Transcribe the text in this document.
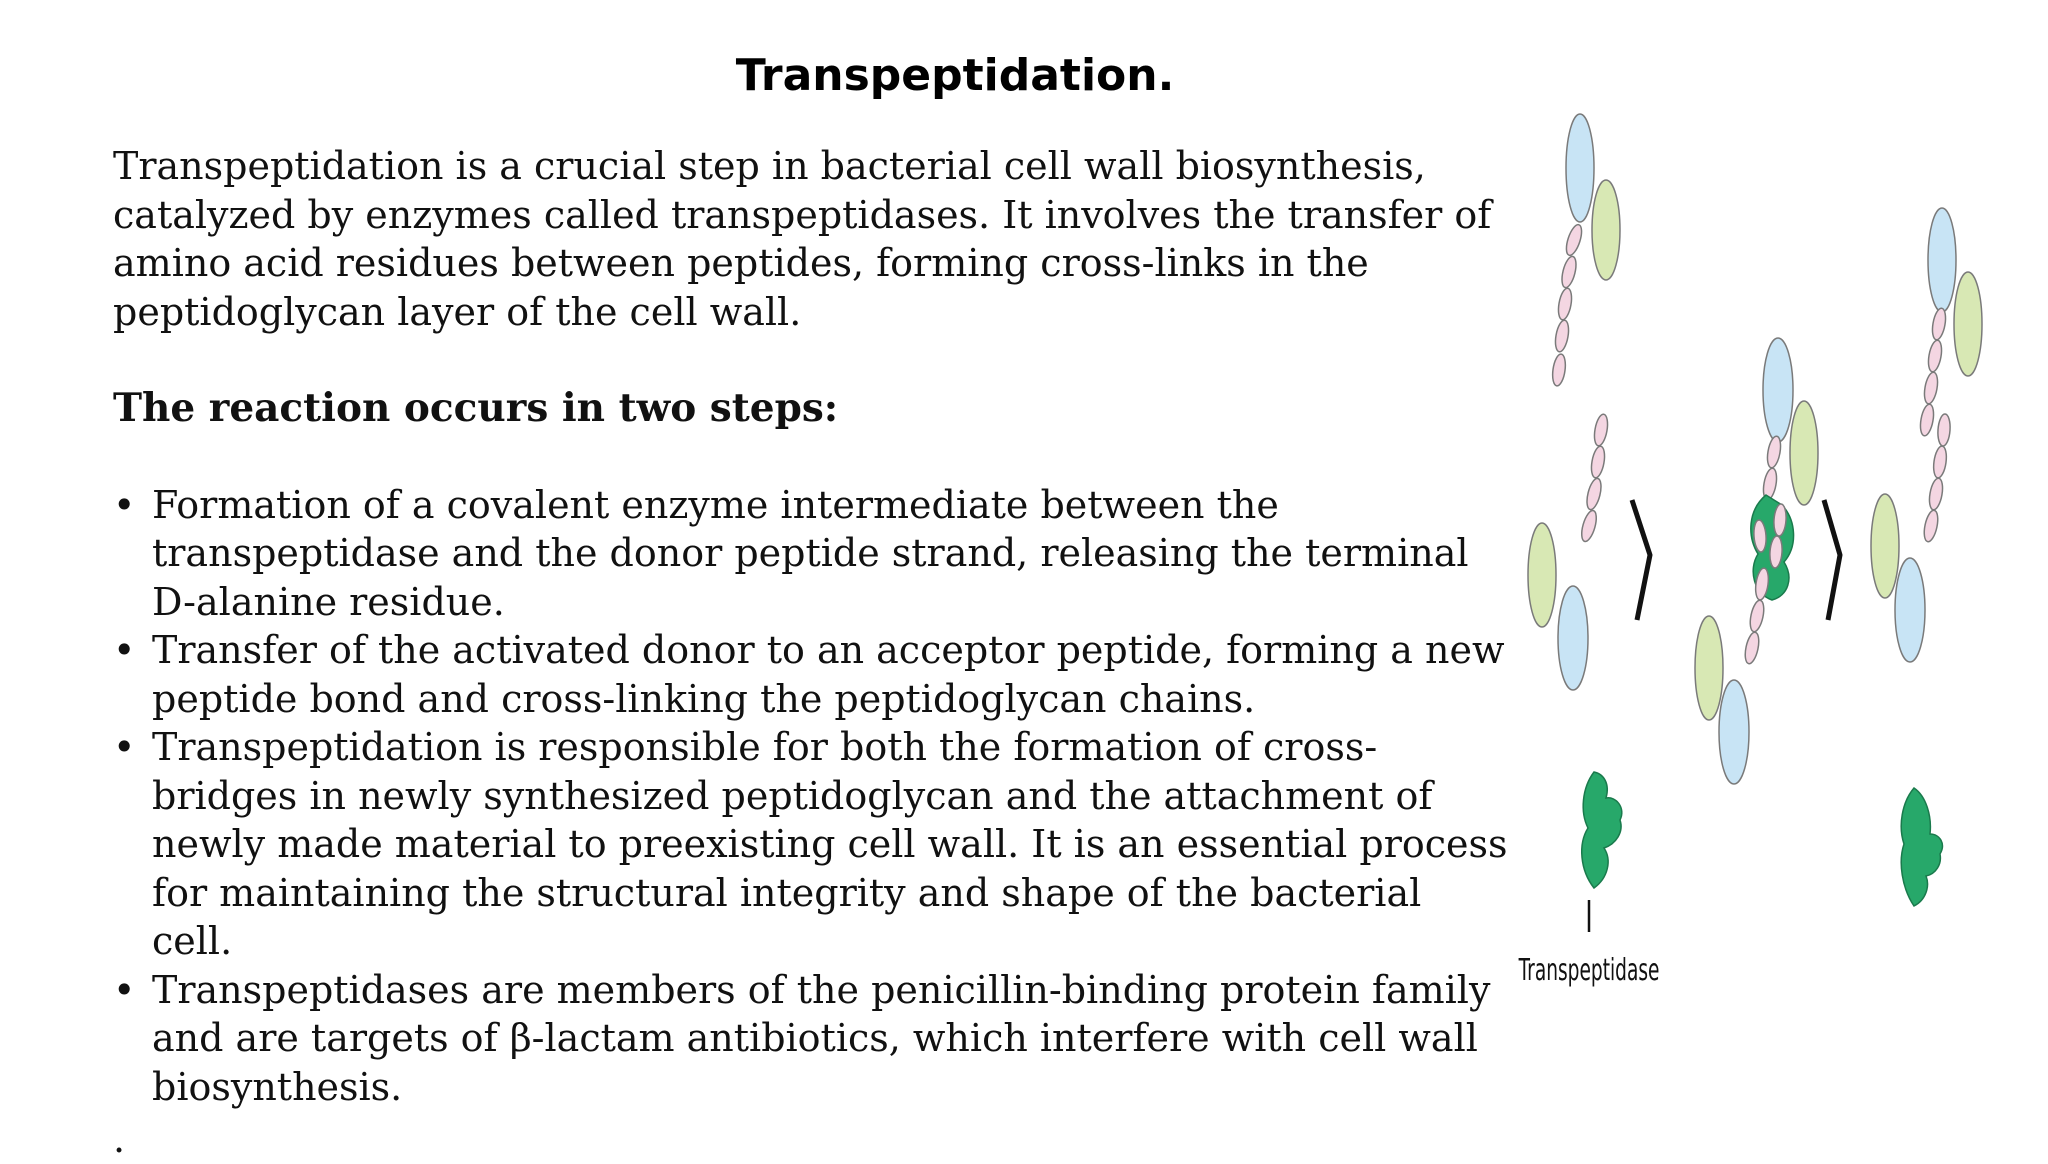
Transpeptidation.

Transpeptidation is a crucial step in bacterial cell wall biosynthesis, catalyzed by enzymes called transpeptidases. It involves the transfer of amino acid residues between peptides, forming cross-links in the peptidoglycan layer of the cell wall.

The reaction occurs in two steps:
• Formation of a covalent enzyme intermediate between the transpeptidase and the donor peptide strand, releasing the terminal D-alanine residue.
• Transfer of the activated donor to an acceptor peptide, forming a new peptide bond and cross-linking the peptidoglycan chains.
• Transpeptidation is responsible for both the formation of cross-bridges in newly synthesized peptidoglycan and the attachment of newly made material to preexisting cell wall. It is an essential process for maintaining the structural integrity and shape of the bacterial cell.
• Transpeptidases are members of the penicillin-binding protein family and are targets of β-lactam antibiotics, which interfere with cell wall biosynthesis.
.
Transpeptidase
